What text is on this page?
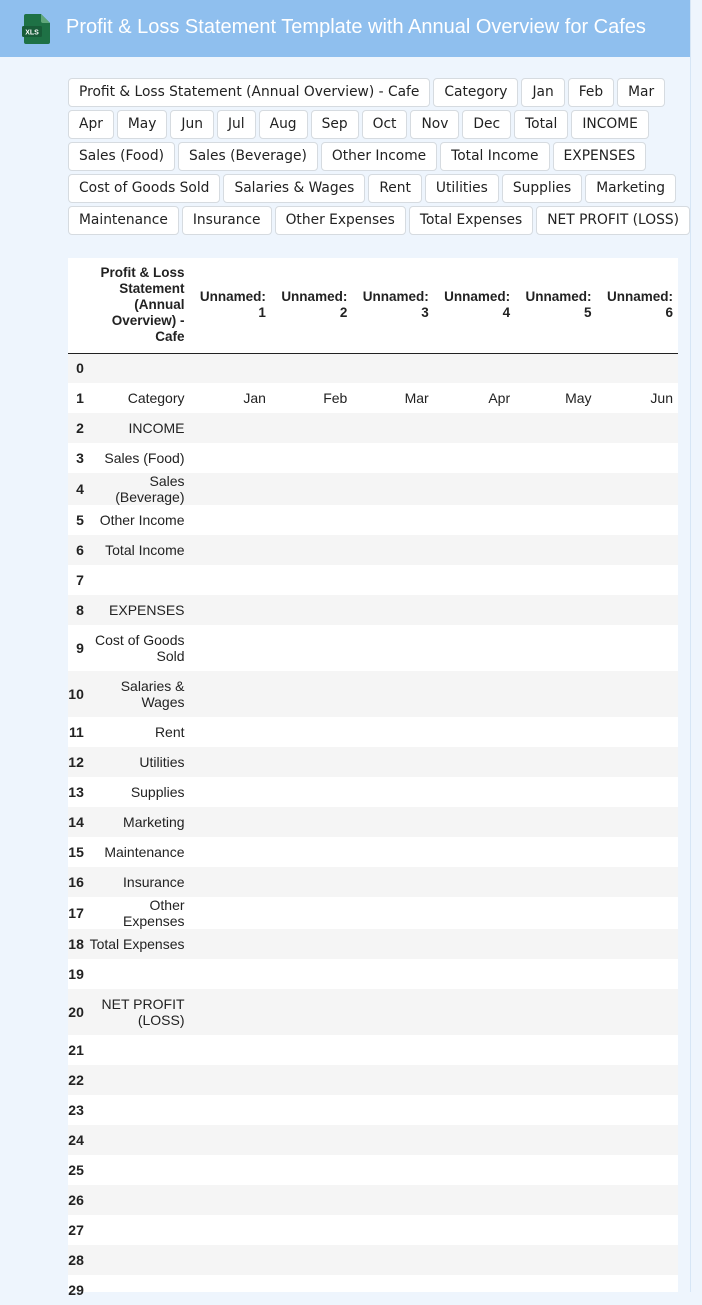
XLS Profit & Loss Statement Template with Annual Overview for Cafes
Profit & Loss Statement (Annual Overview) - Cafe	Category	Jan	Feb	Mar
Apr	May	Jun	Jul	Aug	Sep	Oct	Nov	Dec	Total	INCOME
Sales (Food)	Sales (Beverage)	Other Income	Total Income	EXPENSES
Cost of Goods Sold	Salaries & Wages	Rent	Utilities	Supplies	Marketing
Maintenance	Insurance	Other Expenses	Total Expenses	NET PROFIT (LOSS)
	Profit & Loss Statement (Annual Overview) - Cafe	Unnamed: 1	Unnamed: 2	Unnamed: 3	Unnamed: 4	Unnamed: 5	Unnamed: 6
0							
1	Category	Jan	Feb	Mar	Apr	May	Jun
2	INCOME						
3	Sales (Food)						
4	Sales (Beverage)						
5	Other Income						
6	Total Income						
7							
8	EXPENSES						
9	Cost of Goods Sold						
10	Salaries & Wages						
11	Rent						
12	Utilities						
13	Supplies						
14	Marketing						
15	Maintenance						
16	Insurance						
17	Other Expenses						
18	Total Expenses						
19							
20	NET PROFIT (LOSS)						
21							
22							
23							
24							
25							
26							
27							
28							
29							
